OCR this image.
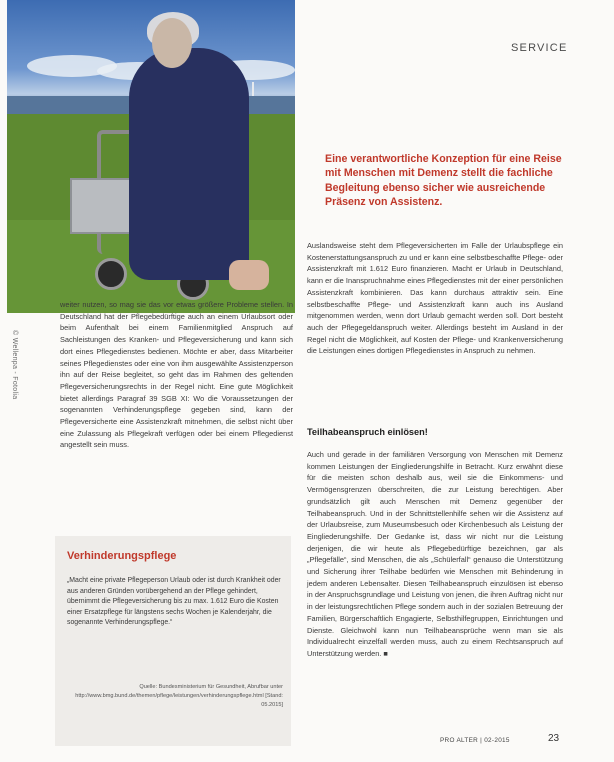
© Wellenpa - Fotolia
SERVICE
Eine verantwortliche Konzeption für eine Reise mit Menschen mit Demenz stellt die fachliche Begleitung ebenso sicher wie ausreichende Präsenz von Assistenz.

weiter nutzen, so mag sie das vor etwas größere Probleme stellen. In Deutschland hat der Pflegebedürftige auch an einem Urlaubsort oder beim Aufenthalt bei einem Familienmitglied Anspruch auf Sachleistungen des Kranken- und Pflegeversicherung und kann sich dort eines Pflegedienstes bedienen. Möchte er aber, dass Mitarbeiter seines Pflegedienstes oder eine von ihm ausgewählte Assistenzperson ihn auf der Reise begleitet, so geht das im Rahmen des geltenden Pflegeversicherungsrechts in der Regel nicht. Eine gute Möglichkeit bietet allerdings Paragraf 39 SGB XI: Wo die Voraussetzungen der sogenannten Verhinderungspflege gegeben sind, kann der Pflegeversicherte eine Assistenzkraft mitnehmen, die selbst nicht über eine Zulassung als Pflegekraft verfügen oder bei einem Pflegedienst angestellt sein muss.

Auslandsweise steht dem Pflegeversicherten im Falle der Urlaubspflege ein Kostenerstattungsanspruch zu und er kann eine selbstbeschaffte Pflege- oder Assistenzkraft mit 1.612 Euro finanzieren. Macht er Urlaub in Deutschland, kann er die Inanspruchnahme eines Pflegedienstes mit der einer persönlichen Assistenzkraft kombinieren. Das kann durchaus attraktiv sein. Eine selbstbeschaffte Pflege- und Assistenzkraft kann auch ins Ausland mitgenommen werden, wenn dort Urlaub gemacht werden soll. Dort besteht auch der Pflegegeldanspruch weiter. Allerdings besteht im Ausland in der Regel nicht die Möglichkeit, auf Kosten der Pflege- und Krankenversicherung die Leistungen eines dortigen Pflegedienstes in Anspruch zu nehmen.

Teilhabeanspruch einlösen!

Auch und gerade in der familiären Versorgung von Menschen mit Demenz kommen Leistungen der Eingliederungshilfe in Betracht. Kurz erwähnt diese für die meisten schon deshalb aus, weil sie die Einkommens- und Vermögensgrenzen überschreiten, die zur Leistung berechtigen. Aber grundsätzlich gilt auch Menschen mit Demenz gegenüber der Teilhabeanspruch. Und in der Schnittstellenhilfe sehen wir die Assistenz auf der Urlaubsreise, zum Museumsbesuch oder Kirchenbesuch als Leistung der Eingliederungshilfe. Der Gedanke ist, dass wir nicht nur die Leistung derjenigen, die wir heute als Pflegebedürftige bezeichnen, gar als „Pflegefälle“, sind Menschen, die als „Schülerfall“ genauso die Unterstützung und Sicherung ihrer Teilhabe bedürfen wie Menschen mit Behinderung in jedem anderen Lebensalter. Diesen Teilhabeanspruch einzulösen ist ebenso in der Anspruchsgrundlage und Leistung von jenen, die ihren Auftrag nicht nur in der leistungsrechtlichen Pflege sondern auch in der sozialen Betreuung der Familien, Bürgerschaftlich Engagierte, Selbsthilfegruppen, Einrichtungen und Dienste. Gleichwohl kann nun Teilhabeansprüche wenn man sie als Individualrecht einzelfall werden muss, auch zu einem Rechtsanspruch auf Unterstützung werden. ■

Verhinderungspflege
„Macht eine private Pflegeperson Urlaub oder ist durch Krankheit oder aus anderen Gründen vorübergehend an der Pflege gehindert, übernimmt die Pflegeversicherung bis zu max. 1.612 Euro die Kosten einer Ersatzpflege für längstens sechs Wochen je Kalenderjahr, die sogenannte Verhinderungspflege.“
Quelle: Bundesministerium für Gesundheit, Abrufbar unter http://www.bmg.bund.de/themen/pflege/leistungen/verhinderungspflege.html [Stand: 05.2015]
PRO ALTER | 02-2015	23
